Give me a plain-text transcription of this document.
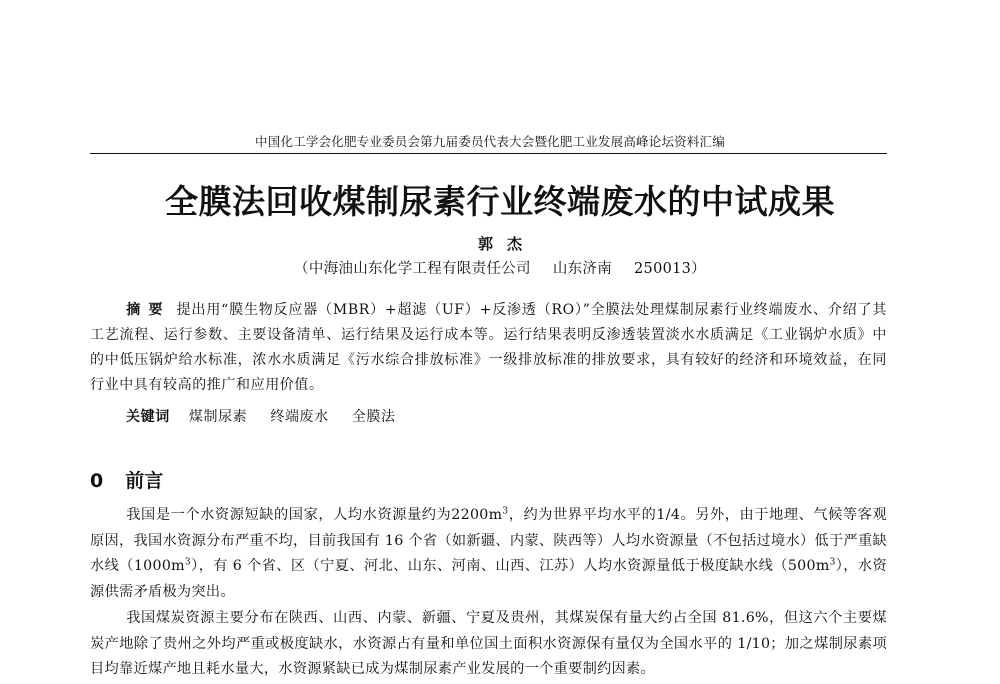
中国化工学会化肥专业委员会第九届委员代表大会暨化肥工业发展高峰论坛资料汇编
全膜法回收煤制尿素行业终端废水的中试成果
郭杰
（中海油山东化学工程有限责任公司 山东济南 250013）
摘要 提出用“膜生物反应器（MBR）+超滤（UF）+反渗透（RO）”全膜法处理煤制尿素行业终端废水、介绍了其工艺流程、运行参数、主要设备清单、运行结果及运行成本等。运行结果表明反渗透装置淡水水质满足《工业锅炉水质》中的中低压锅炉给水标准，浓水水质满足《污水综合排放标准》一级排放标准的排放要求，具有较好的经济和环境效益，在同行业中具有较高的推广和应用价值。
关键词 煤制尿素 终端废水 全膜法
0 前言

我国是一个水资源短缺的国家，人均水资源量约为$2200m^3$，约为世界平均水平的1/4。另外，由于地理、气候等客观原因，我国水资源分布严重不均，目前我国有 16 个省（如新疆、内蒙、陕西等）人均水资源量（不包括过境水）低于严重缺水线$(1000m^3)$，有 6 个省、区（宁夏、河北、山东、河南、山西、江苏）人均水资源量低于极度缺水线$(500m^3)$，水资源供需矛盾极为突出。

我国煤炭资源主要分布在陕西、山西、内蒙、新疆、宁夏及贵州，其煤炭保有量大约占全国 81.6%，但这六个主要煤炭产地除了贵州之外均严重或极度缺水，水资源占有量和单位国土面积水资源保有量仅为全国水平的 1/10；加之煤制尿素项目均靠近煤产地且耗水量大，水资源紧缺已成为煤制尿素产业发展的一个重要制约因素。
